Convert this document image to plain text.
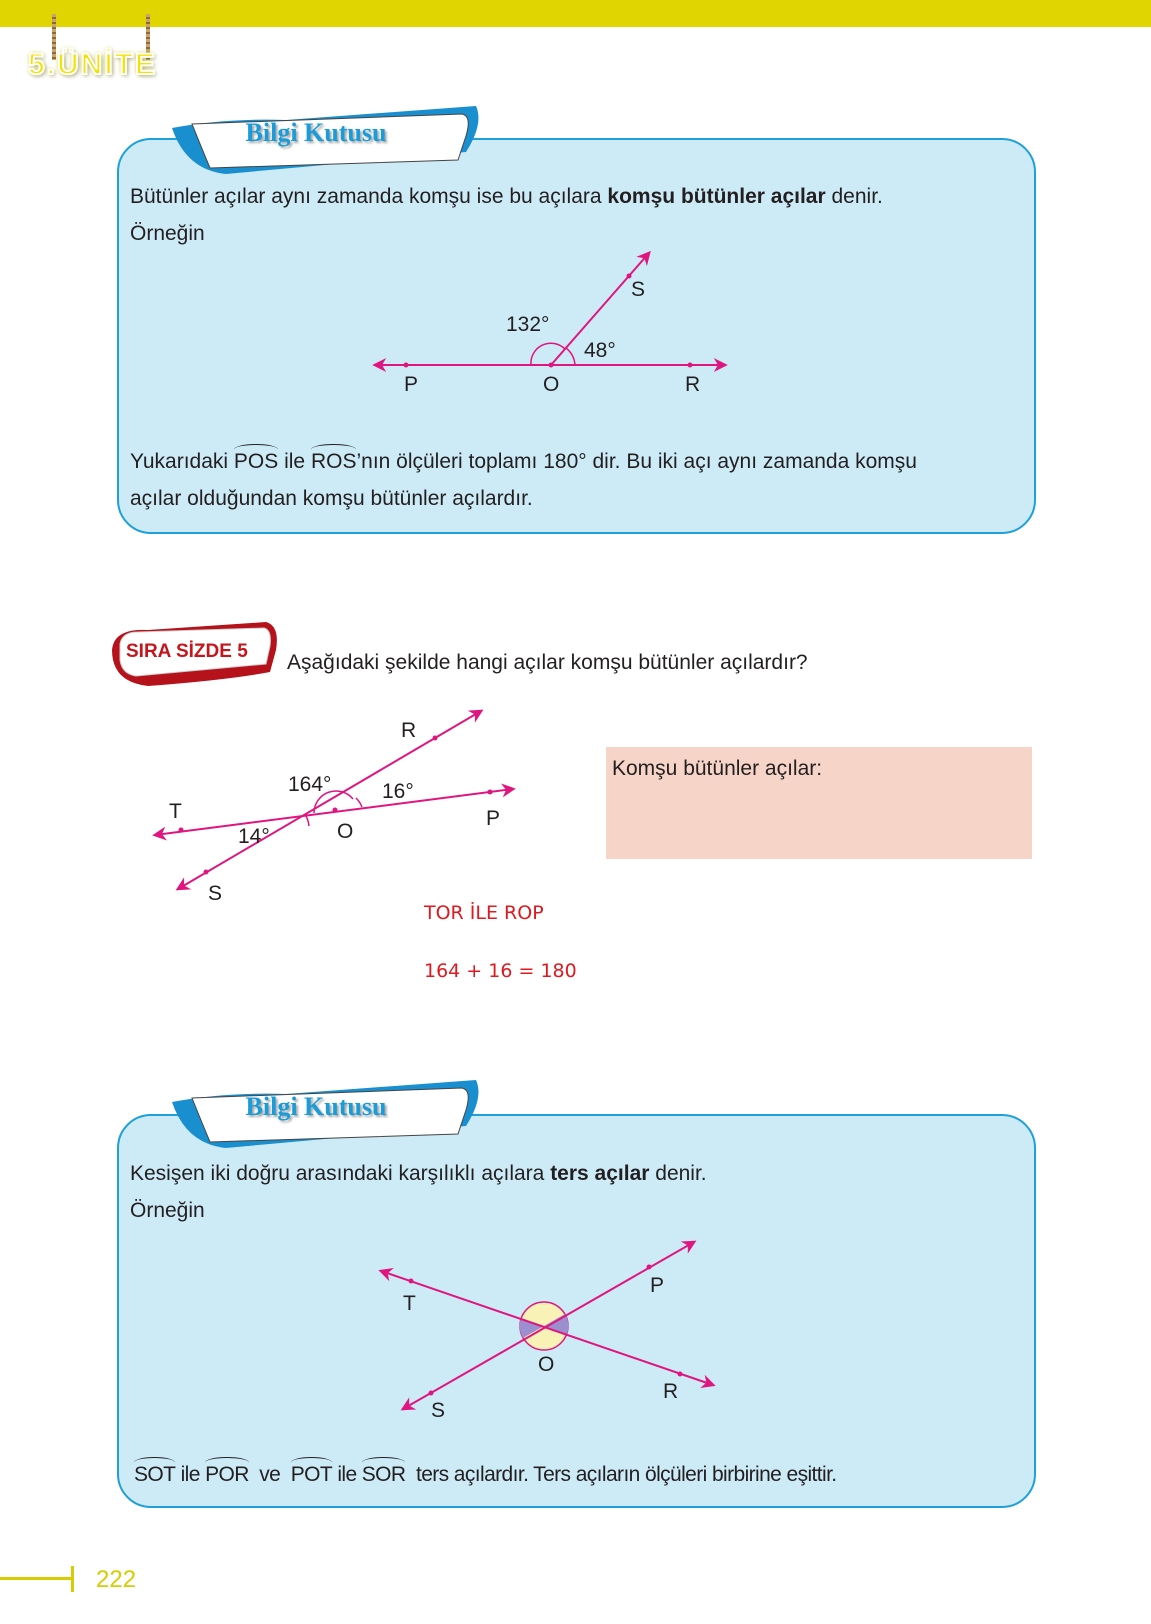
5.ÜNİTE
Bilgi Kutusu
Bütünler açılar aynı zamanda komşu ise bu açılara komşu bütünler açılar denir.
Örneğin
P	O	R
S
132°
48°
Yukarıdaki POS ile ROS’nın ölçüleri toplamı 180° dir. Bu iki açı aynı zamanda komşu
açılar olduğundan komşu bütünler açılardır.
SIRA SİZDE 5 Aşağıdaki şekilde hangi açılar komşu bütünler açılardır?
R
T
O
P
S
164° 16°
14°
Komşu bütünler açılar:
TOR İLE ROP
164 + 16 = 180
Bilgi Kutusu
Kesişen iki doğru arasındaki karşılıklı açılara ters açılar denir.
Örneğin
T
P
O
R
S
SOT ile POR  ve  POT ile SOR  ters açılardır. Ters açıların ölçüleri birbirine eşittir.
222
